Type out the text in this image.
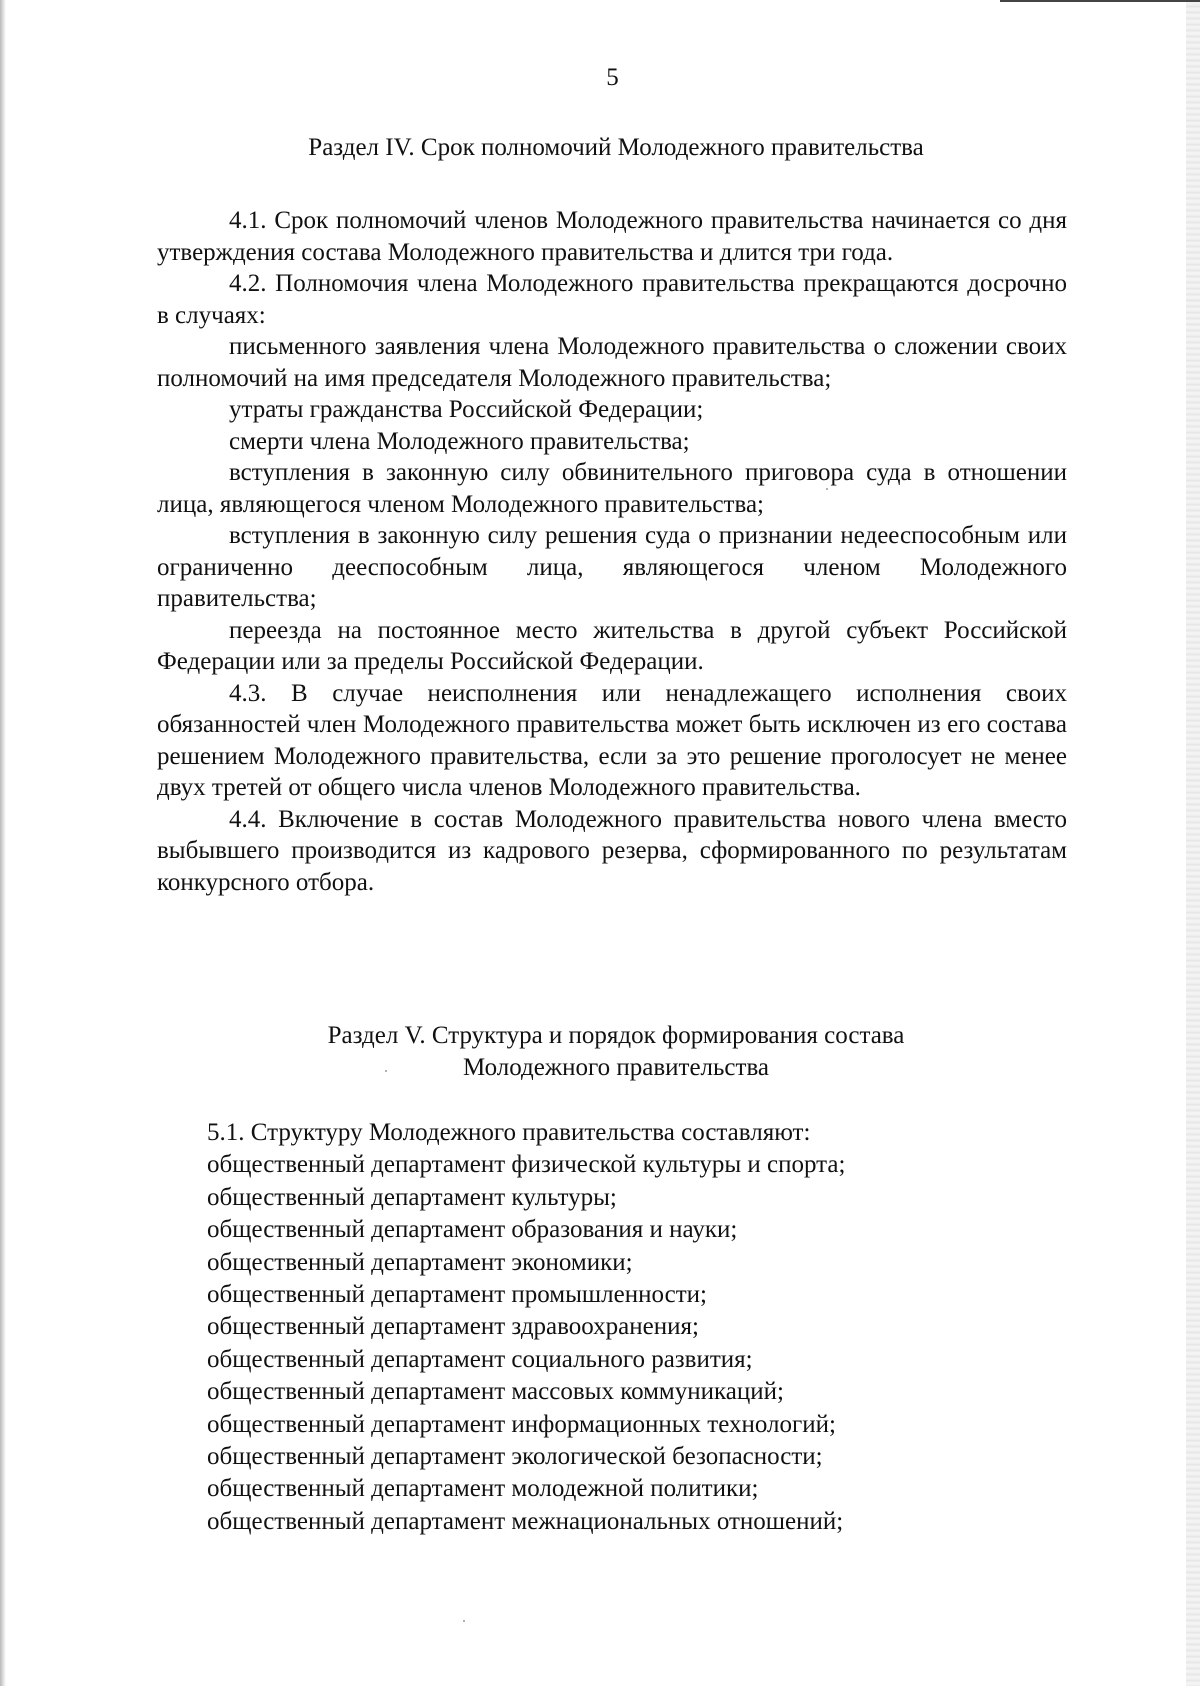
5
Раздел IV. Срок полномочий Молодежного правительства

4.1. Срок полномочий членов Молодежного правительства начинается со дня утверждения состава Молодежного правительства и длится три года.

4.2. Полномочия члена Молодежного правительства прекращаются досрочно в случаях:

письменного заявления члена Молодежного правительства о сложении своих полномочий на имя председателя Молодежного правительства;

утраты гражданства Российской Федерации;

смерти члена Молодежного правительства;

вступления в законную силу обвинительного приговора суда в отношении лица, являющегося членом Молодежного правительства;

вступления в законную силу решения суда о признании недееспособным или ограниченно дееспособным лица, являющегося членом Молодежного правительства;

переезда на постоянное место жительства в другой субъект Российской Федерации или за пределы Российской Федерации.

4.3. В случае неисполнения или ненадлежащего исполнения своих обязанностей член Молодежного правительства может быть исключен из его состава решением Молодежного правительства, если за это решение проголосует не менее двух третей от общего числа членов Молодежного правительства.

4.4. Включение в состав Молодежного правительства нового члена вместо выбывшего производится из кадрового резерва, сформированного по результатам конкурсного отбора.

Раздел V. Структура и порядок формирования состава
Молодежного правительства

5.1. Структуру Молодежного правительства составляют:

общественный департамент физической культуры и спорта;

общественный департамент культуры;

общественный департамент образования и науки;

общественный департамент экономики;

общественный департамент промышленности;

общественный департамент здравоохранения;

общественный департамент социального развития;

общественный департамент массовых коммуникаций;

общественный департамент информационных технологий;

общественный департамент экологической безопасности;

общественный департамент молодежной политики;

общественный департамент межнациональных отношений;
